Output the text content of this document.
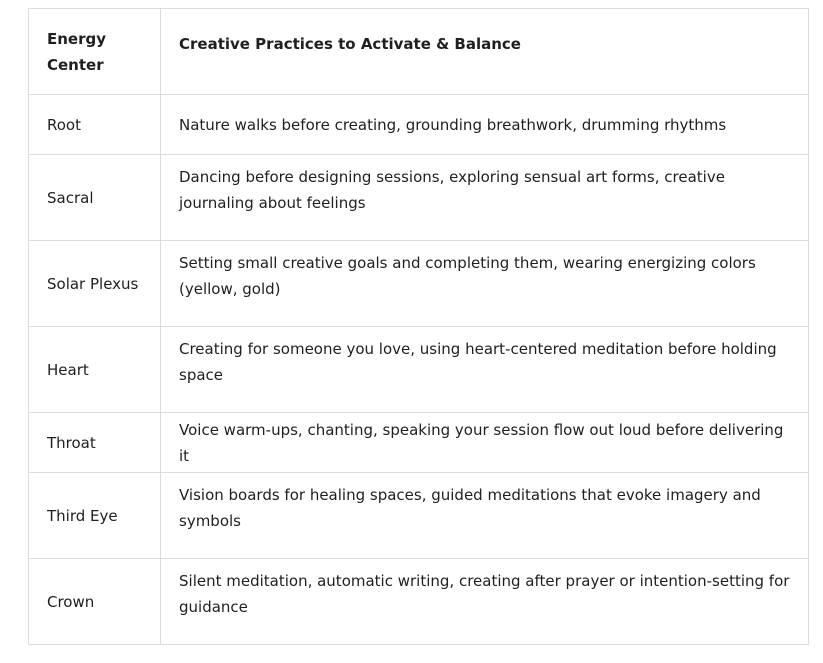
Energy Center	Creative Practices to Activate & Balance
Root	Nature walks before creating, grounding breathwork, drumming rhythms
Sacral	Dancing before designing sessions, exploring sensual art forms, creative journaling about feelings
Solar Plexus	Setting small creative goals and completing them, wearing energizing colors (yellow, gold)
Heart	Creating for someone you love, using heart-centered meditation before holding space
Throat	Voice warm-ups, chanting, speaking your session flow out loud before delivering it
Third Eye	Vision boards for healing spaces, guided meditations that evoke imagery and symbols
Crown	Silent meditation, automatic writing, creating after prayer or intention-setting for guidance
